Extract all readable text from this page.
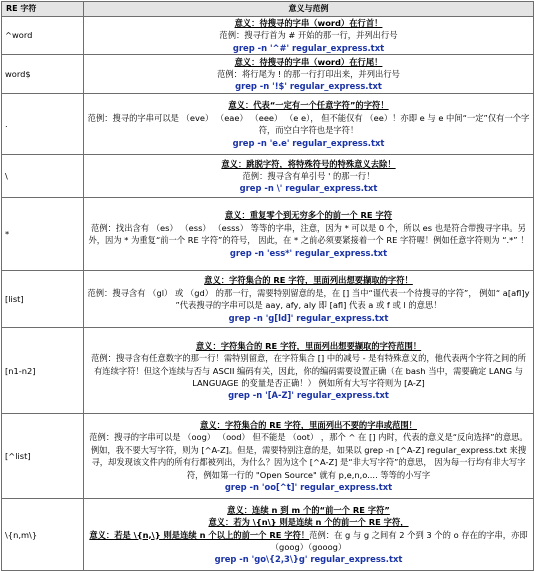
RE 字符	意义与范例
^word	意义：待搜寻的字串（word）在行首！
范例：搜寻行首为 # 开始的那一行，并列出行号
grep -n '^#' regular_express.txt

word$	意义：待搜寻的字串（word）在行尾！
范例：将行尾为 ! 的那一行打印出来，并列出行号
grep -n '!$' regular_express.txt

.	意义：代表“一定有一个任意字符”的字符！
范例：搜寻的字串可以是 （eve） （eae） （eee） （e e）， 但不能仅有 （ee）！亦即 e 与 e 中间“一定”仅有一个字符，而空白字符也是字符！
grep -n 'e.e' regular_express.txt

\	意义：跳脱字符，将特殊符号的特殊意义去除！
范例：搜寻含有单引号 ' 的那一行！
grep -n \' regular_express.txt

*	意义：重复零个到无穷多个的前一个 RE 字符
范例：找出含有 （es） （ess） （esss） 等等的字串，注意，因为 * 可以是 0 个，所以 es 也是符合带搜寻字串。另外，因为 * 为重复“前一个 RE 字符”的符号， 因此，在 * 之前必须要紧接着一个 RE 字符喔！例如任意字符则为 “.*” ！
grep -n 'ess*' regular_express.txt

[list]	意义：字符集合的 RE 字符，里面列出想要撷取的字符！
范例：搜寻含有 （gl） 或 （gd） 的那一行，需要特别留意的是，在 [] 当中“谨代表一个待搜寻的字符”， 例如“ a[afl]y ”代表搜寻的字串可以是 aay, afy, aly 即 [afl] 代表 a 或 f 或 l 的意思！
grep -n 'g[ld]' regular_express.txt

[n1-n2]	意义：字符集合的 RE 字符，里面列出想要撷取的字符范围！
范例：搜寻含有任意数字的那一行！需特别留意，在字符集合 [] 中的减号 - 是有特殊意义的，他代表两个字符之间的所有连续字符！但这个连续与否与 ASCII 编码有关，因此，你的编码需要设置正确（在 bash 当中，需要确定 LANG 与 LANGUAGE 的变量是否正确！） 例如所有大写字符则为 [A-Z]
grep -n '[A-Z]' regular_express.txt

[^list]	意义：字符集合的 RE 字符，里面列出不要的字串或范围！
范例：搜寻的字串可以是 （oog） （ood） 但不能是 （oot） ，那个 ^ 在 [] 内时，代表的意义是“反向选择”的意思。 例如，我不要大写字符，则为 [^A-Z]。但是，需要特别注意的是，如果以 grep -n [^A-Z] regular_express.txt 来搜寻，却发现该文件内的所有行都被列出，为什么？因为这个 [^A-Z] 是“非大写字符”的意思， 因为每一行均有非大写字符，例如第一行的 "Open Source" 就有 p,e,n,o.... 等等的小写字
grep -n 'oo[^t]' regular_express.txt

\{n,m\}	意义：连续 n 到 m 个的“前一个 RE 字符”
意义：若为 \{n\} 则是连续 n 个的前一个 RE 字符，
意义：若是 \{n,\} 则是连续 n 个以上的前一个 RE 字符！范例：在 g 与 g 之间有 2 个到 3 个的 o 存在的字串，亦即 （goog）（gooog）
grep -n 'go\{2,3\}g' regular_express.txt
